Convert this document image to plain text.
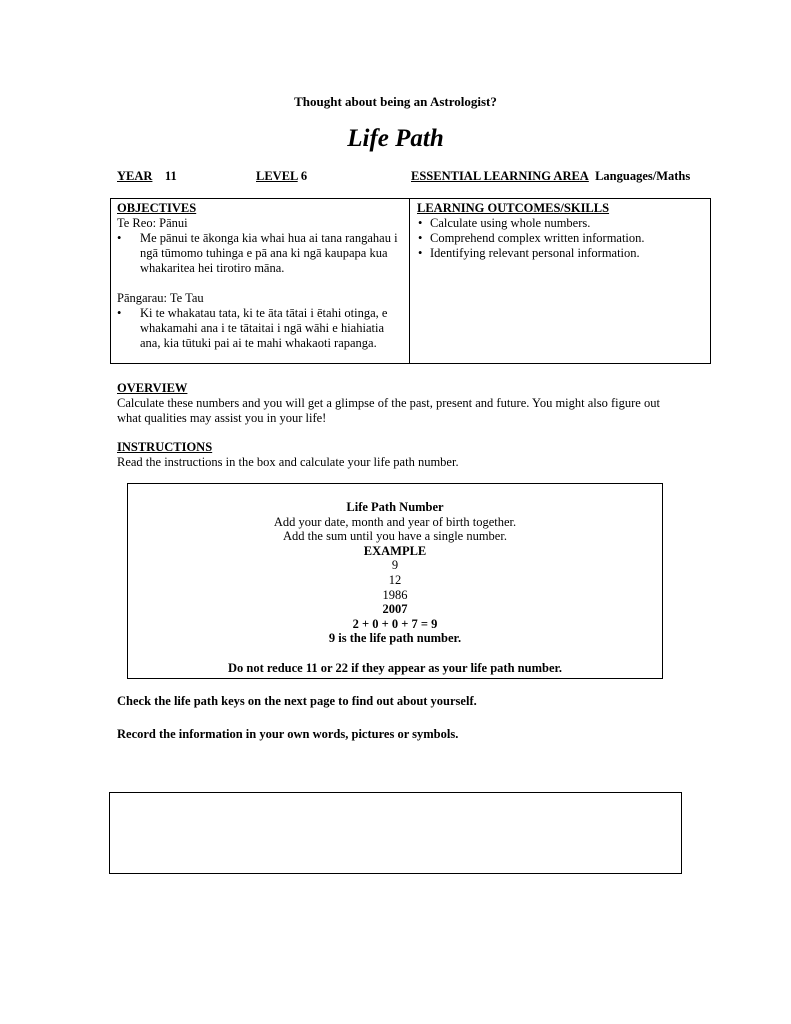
Thought about being an Astrologist?
Life Path
YEAR 11	LEVEL 6	ESSENTIAL LEARNING AREA Languages/Maths
OBJECTIVES
Te Reo: Pānui
• Me pānui te ākonga kia whai hua ai tana rangahau i ngā tūmomo tuhinga e pā ana ki ngā kaupapa kua whakaritea hei tirotiro māna.
Pāngarau: Te Tau
• Ki te whakatau tata, ki te āta tātai i ētahi otinga, e whakamahi ana i te tātaitai i ngā wāhi e hiahiatia ana, kia tūtuki pai ai te mahi whakaoti rapanga.
LEARNING OUTCOMES/SKILLS
• Calculate using whole numbers.
• Comprehend complex written information.
• Identifying relevant personal information.
OVERVIEW
Calculate these numbers and you will get a glimpse of the past, present and future. You might also figure out what qualities may assist you in your life!
INSTRUCTIONS
Read the instructions in the box and calculate your life path number.
Life Path Number
Add your date, month and year of birth together.
Add the sum until you have a single number.
EXAMPLE
9
12
1986
2007
2 + 0 + 0 + 7 = 9
9 is the life path number.
Do not reduce 11 or 22 if they appear as your life path number.
Check the life path keys on the next page to find out about yourself.
Record the information in your own words, pictures or symbols.
